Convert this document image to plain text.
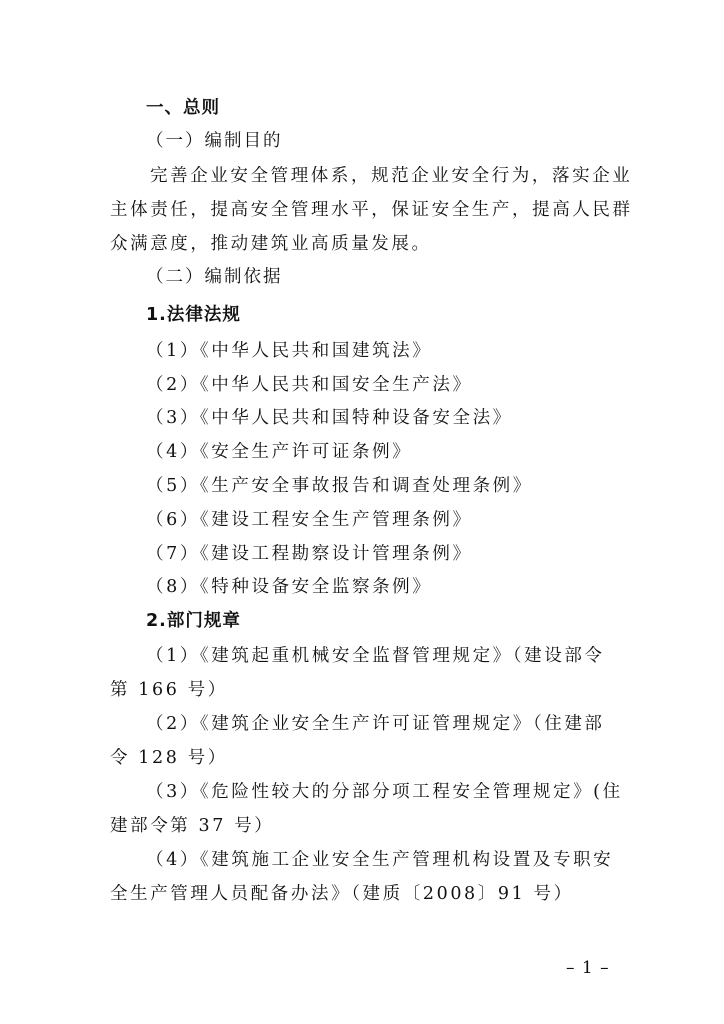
一、总则
（一）编制目的
完善企业安全管理体系，规范企业安全行为，落实企业
主体责任，提高安全管理水平，保证安全生产，提高人民群
众满意度，推动建筑业高质量发展。
（二）编制依据
1.法律法规
（1）《中华人民共和国建筑法》
（2）《中华人民共和国安全生产法》
（3）《中华人民共和国特种设备安全法》
（4）《安全生产许可证条例》
（5）《生产安全事故报告和调查处理条例》
（6）《建设工程安全生产管理条例》
（7）《建设工程勘察设计管理条例》
（8）《特种设备安全监察条例》
2.部门规章
（1）《建筑起重机械安全监督管理规定》（建设部令
第 166 号）
（2）《建筑企业安全生产许可证管理规定》（住建部
令 128 号）
（3）《危险性较大的分部分项工程安全管理规定》(住
建部令第 37 号）
（4）《建筑施工企业安全生产管理机构设置及专职安
全生产管理人员配备办法》（建质〔2008〕91 号）
– 1 –
